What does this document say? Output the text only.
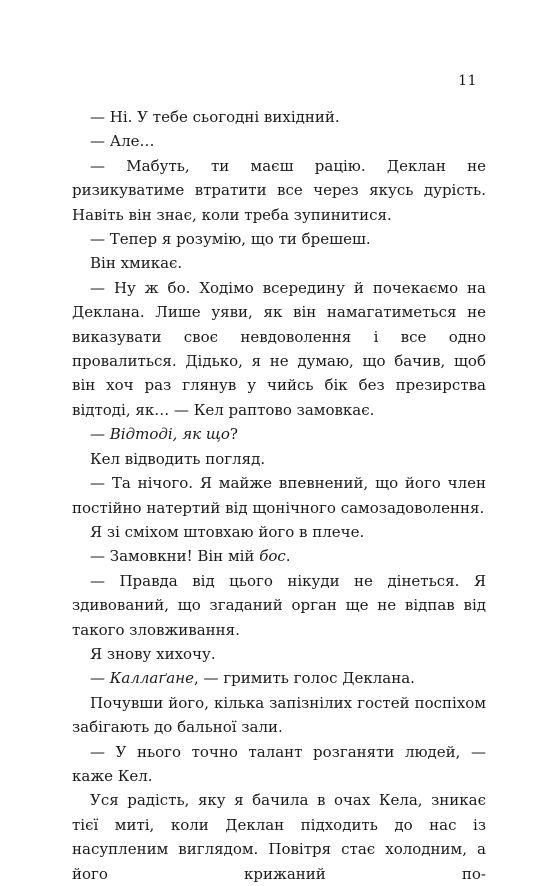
11

— Ні. У тебе сьогодні вихідний.

— Але…

— Мабуть, ти маєш рацію. Деклан не ризикуватиме втратити все через якусь дурість. Навіть він знає, коли треба зупинитися.

— Тепер я розумію, що ти брешеш.

Він хмикає.

— Ну ж бо. Ходімо всередину й почекаємо на Деклана. Лише уяви, як він намагатиметься не виказувати своє невдоволення і все одно провалиться. Дідько, я не думаю, що бачив, щоб він хоч раз глянув у чийсь бік без презирства відтоді, як… — Кел раптово замовкає.

— Відтоді, як що?

Кел відводить погляд.

— Та нічого. Я майже впевнений, що його член постійно натертий від щонічного самозадоволення.

Я зі сміхом штовхаю його в плече.

— Замовкни! Він мій бос.

— Правда від цього нікуди не дінеться. Я здивований, що згаданий орган ще не відпав від такого зловживання.

Я знову хихочу.

— Каллаґане, — гримить голос Деклана.

Почувши його, кілька запізнілих гостей поспіхом забігають до бальної зали.

— У нього точно талант розганяти людей, — каже Кел.

Уся радість, яку я бачила в очах Кела, зникає тієї миті, коли Деклан підходить до нас із насупленим виглядом. Повітря стає холодним, а його крижаний по-
